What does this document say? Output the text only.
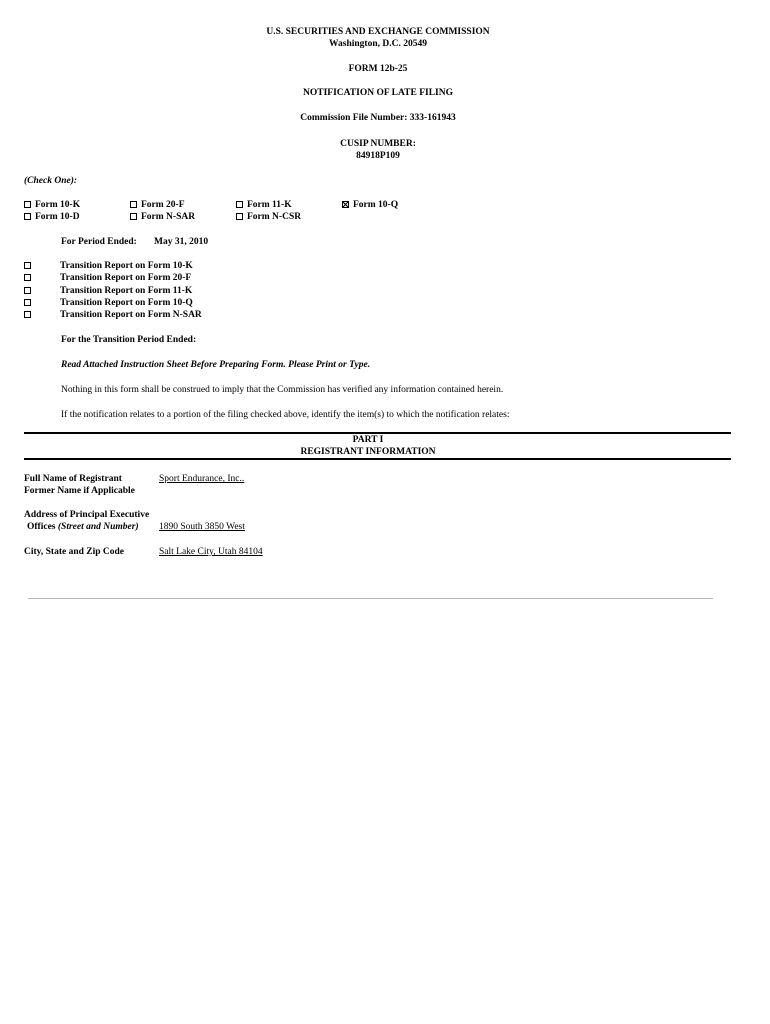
U.S. SECURITIES AND EXCHANGE COMMISSION
Washington, D.C. 20549
FORM 12b-25
NOTIFICATION OF LATE FILING
Commission File Number: 333-161943
CUSIP NUMBER:
84918P109
(Check One):
Form 10-K	Form 20-F	Form 11-K	Form 10-Q
Form 10-D	Form N-SAR	Form N-CSR
For Period Ended: May 31, 2010
Transition Report on Form 10-K
Transition Report on Form 20-F
Transition Report on Form 11-K
Transition Report on Form 10-Q
Transition Report on Form N-SAR
For the Transition Period Ended:
Read Attached Instruction Sheet Before Preparing Form. Please Print or Type.
Nothing in this form shall be construed to imply that the Commission has verified any information contained herein.
If the notification relates to a portion of the filing checked above, identify the item(s) to which the notification relates:
PART I
REGISTRANT INFORMATION
Full Name of Registrant	Sport Endurance, Inc..
Former Name if Applicable
Address of Principal Executive
Offices (Street and Number) 1890 South 3850 West
City, State and Zip Code	Salt Lake City, Utah 84104
